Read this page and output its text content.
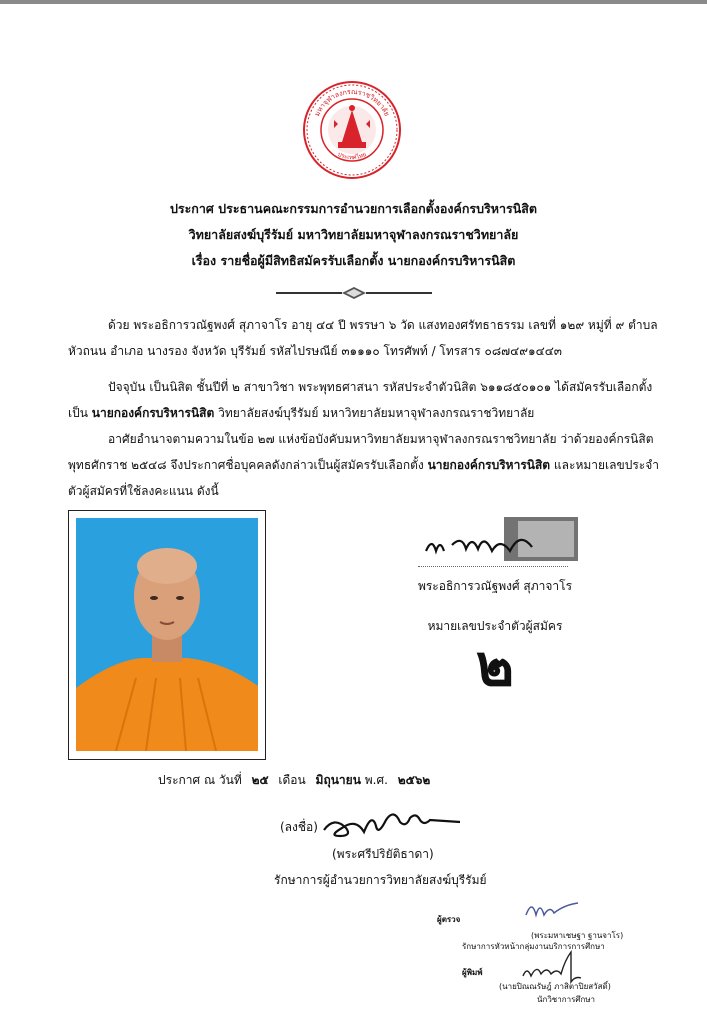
มหาจุฬาลงกรณราชวิทยาลัย
ประเทศไทย
ประกาศ ประธานคณะกรรมการอำนวยการเลือกตั้งองค์กรบริหารนิสิต
วิทยาลัยสงฆ์บุรีรัมย์ มหาวิทยาลัยมหาจุฬาลงกรณราชวิทยาลัย
เรื่อง รายชื่อผู้มีสิทธิสมัครรับเลือกตั้ง นายกองค์กรบริหารนิสิต
ด้วย พระอธิการวณัฐพงศ์ สุภาจาโร อายุ ๔๔ ปี พรรษา ๖ วัด แสงทองศรัทธาธรรม เลขที่ ๑๒๙ หมู่ที่ ๙ ตำบล หัวถนน อำเภอ นางรอง จังหวัด บุรีรัมย์ รหัสไปรษณีย์ ๓๑๑๑๐ โทรศัพท์ / โทรสาร ๐๘๗๔๙๑๔๔๓
ปัจจุบัน เป็นนิสิต ชั้นปีที่ ๒ สาขาวิชา พระพุทธศาสนา รหัสประจำตัวนิสิต ๖๑๑๘๕๐๑๐๑ ได้สมัครรับเลือกตั้งเป็น นายกองค์กรบริหารนิสิต วิทยาลัยสงฆ์บุรีรัมย์ มหาวิทยาลัยมหาจุฬาลงกรณราชวิทยาลัย
อาศัยอำนาจตามความในข้อ ๒๗ แห่งข้อบังคับมหาวิทยาลัยมหาจุฬาลงกรณราชวิทยาลัย ว่าด้วยองค์กรนิสิต พุทธศักราช ๒๕๔๘ จึงประกาศชื่อบุคคลดังกล่าวเป็นผู้สมัครรับเลือกตั้ง นายกองค์กรบริหารนิสิต และหมายเลขประจำตัวผู้สมัครที่ใช้ลงคะแนน ดังนี้
พระอธิการวณัฐพงศ์ สุภาจาโร
หมายเลขประจำตัวผู้สมัคร
๒
ประกาศ ณ วันที่ ๒๕ เดือน มิถุนายน พ.ศ. ๒๕๖๒
(ลงชื่อ)
(พระศรีปริยัติธาดา)
รักษาการผู้อำนวยการวิทยาลัยสงฆ์บุรีรัมย์
ผู้ตรวจ
(พระมหาเชษฐา ฐานจาโร)
รักษาการหัวหน้ากลุ่มงานบริการการศึกษา
ผู้พิมพ์
(นายปิณณรัษฎ์ ภาสิตาปิยสวัสดิ์)
นักวิชาการศึกษา
